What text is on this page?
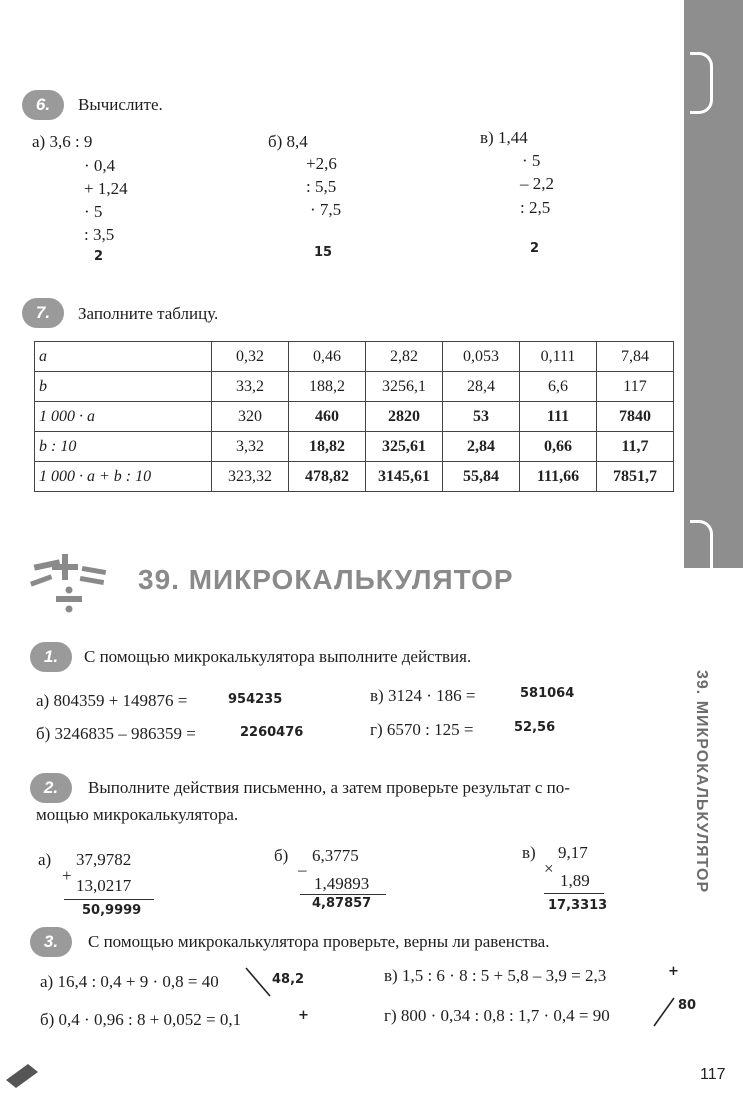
39. МИКРОКАЛЬКУЛЯТОР
6.	Вычислите.
а) 3,6 : 9
· 0,4
+ 1,24
· 5
: 3,5
2
б) 8,4
+2,6
: 5,5
· 7,5
15
в) 1,44
· 5
– 2,2
: 2,5
2
7.	Заполните таблицу.
a	0,32	0,46	2,82	0,053	0,111	7,84
b	33,2	188,2	3256,1	28,4	6,6	117
1 000 · a	320	460	2820	53	111	7840
b : 10	3,32	18,82	325,61	2,84	0,66	11,7
1 000 · a + b : 10	323,32	478,82	3145,61	55,84	111,66	7851,7
39. МИКРОКАЛЬКУЛЯТОР
1.	С помощью микрокалькулятора выполните действия.
а) 804359 + 149876 =	954235
б) 3246835 – 986359 =	2260476
в) 3124 · 186 =	581064
г) 6570 : 125 =	52,56
2.	Выполните действия письменно, а затем проверьте результат с по-
мощью микрокалькулятора.
а) 37,9782
+
13,0217
50,9999
б) 6,3775
–
1,49893
4,87857
в) 9,17
×
1,89
17,3313
3.	С помощью микрокалькулятора проверьте, верны ли равенства.
а) 16,4 : 0,4 + 9 · 0,8 = 40	48,2
б) 0,4 · 0,96 : 8 + 0,052 = 0,1	+
в) 1,5 : 6 · 8 : 5 + 5,8 – 3,9 = 2,3	+
г) 800 · 0,34 : 0,8 : 1,7 · 0,4 = 90
80
117
